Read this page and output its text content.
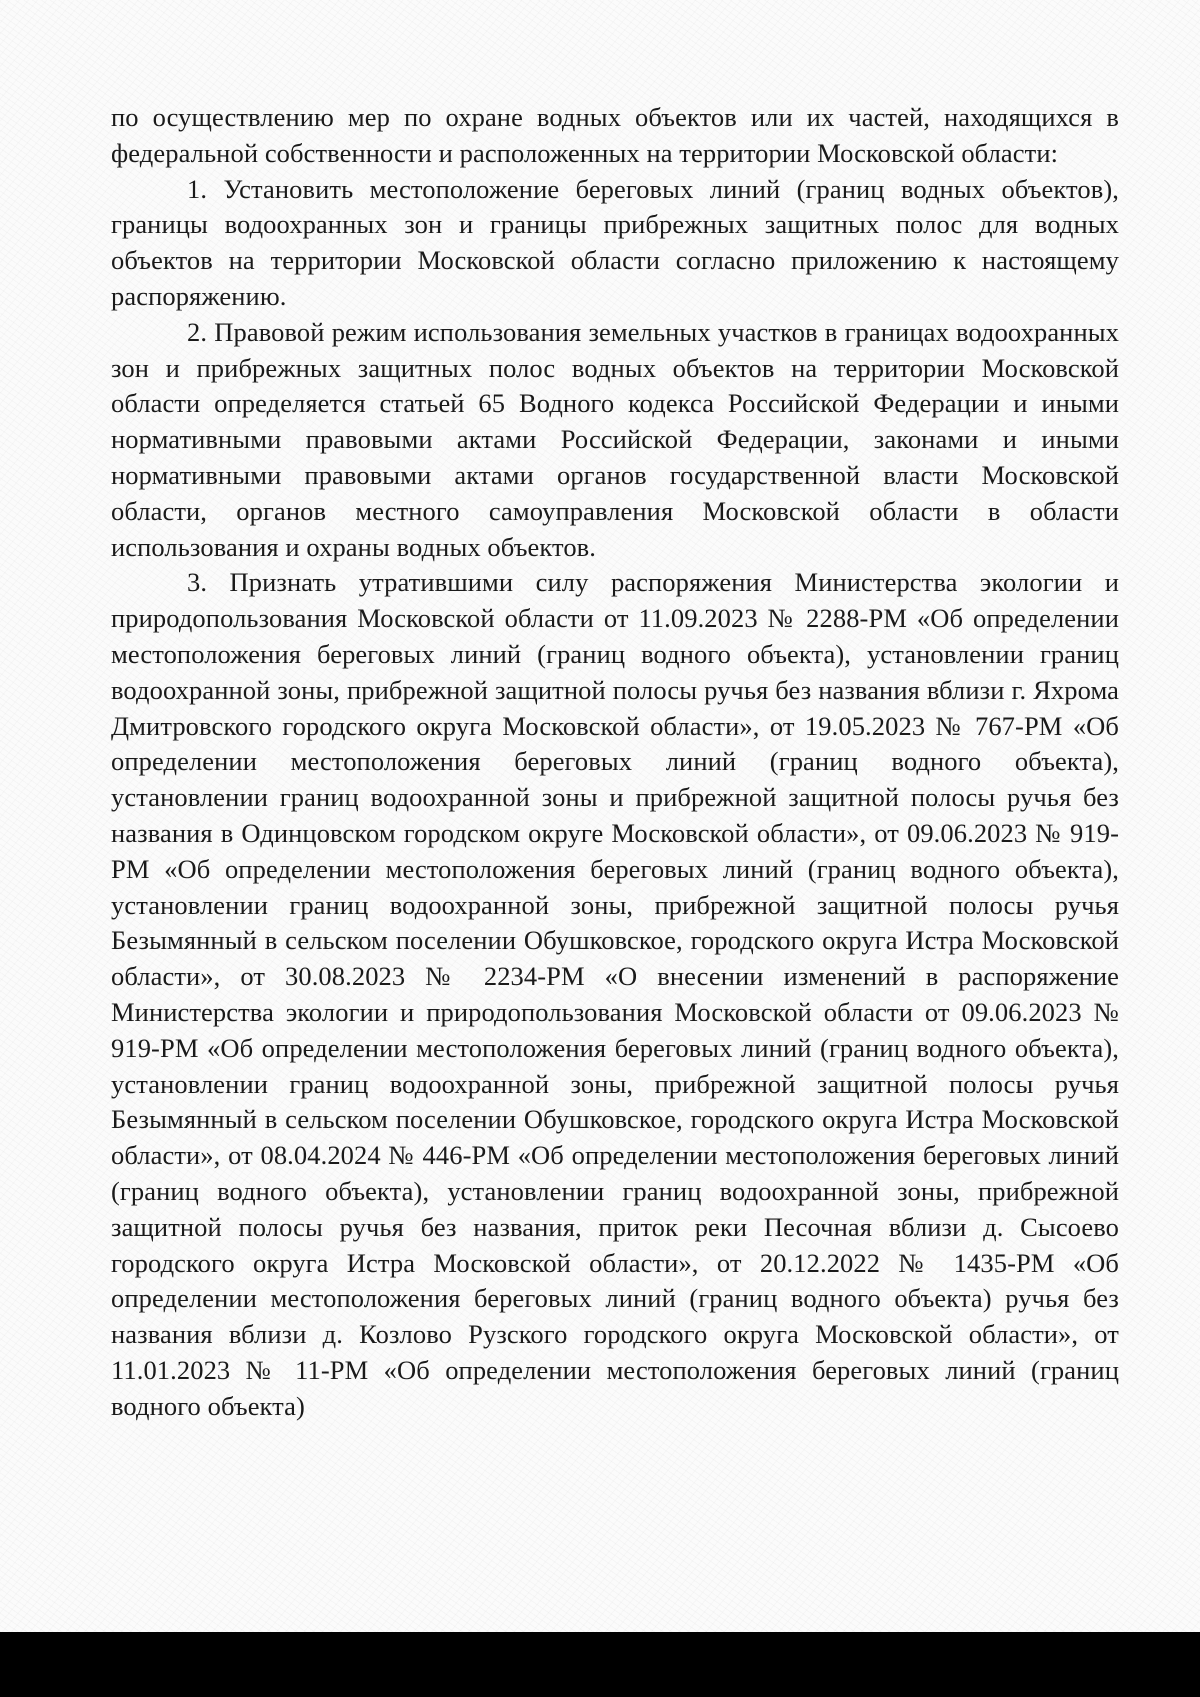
по осуществлению мер по охране водных объектов или их частей, находящихся в федеральной собственности и расположенных на территории Московской области:

1. Установить местоположение береговых линий (границ водных объектов), границы водоохранных зон и границы прибрежных защитных полос для водных объектов на территории Московской области согласно приложению к настоящему распоряжению.

2. Правовой режим использования земельных участков в границах водоохранных зон и прибрежных защитных полос водных объектов на территории Московской области определяется статьей 65 Водного кодекса Российской Федерации и иными нормативными правовыми актами Российской Федерации, законами и иными нормативными правовыми актами органов государственной власти Московской области, органов местного самоуправления Московской области в области использования и охраны водных объектов.

3. Признать утратившими силу распоряжения Министерства экологии и природопользования Московской области от 11.09.2023 № 2288-РМ «Об определении местоположения береговых линий (границ водного объекта), установлении границ водоохранной зоны, прибрежной защитной полосы ручья без названия вблизи г. Яхрома Дмитровского городского округа Московской области», от 19.05.2023 № 767-РМ «Об определении местоположения береговых линий (границ водного объекта), установлении границ водоохранной зоны и прибрежной защитной полосы ручья без названия в Одинцовском городском округе Московской области», от 09.06.2023 № 919-РМ «Об определении местоположения береговых линий (границ водного объекта), установлении границ водоохранной зоны, прибрежной защитной полосы ручья Безымянный в сельском поселении Обушковское, городского округа Истра Московской области», от 30.08.2023 № 2234-РМ «О внесении изменений в распоряжение Министерства экологии и природопользования Московской области от 09.06.2023 № 919-РМ «Об определении местоположения береговых линий (границ водного объекта), установлении границ водоохранной зоны, прибрежной защитной полосы ручья Безымянный в сельском поселении Обушковское, городского округа Истра Московской области», от 08.04.2024 № 446-РМ «Об определении местоположения береговых линий (границ водного объекта), установлении границ водоохранной зоны, прибрежной защитной полосы ручья без названия, приток реки Песочная вблизи д. Сысоево городского округа Истра Московской области», от 20.12.2022 № 1435-РМ «Об определении местоположения береговых линий (границ водного объекта) ручья без названия вблизи д. Козлово Рузского городского округа Московской области», от 11.01.2023 № 11-РМ «Об определении местоположения береговых линий (границ водного объекта)
